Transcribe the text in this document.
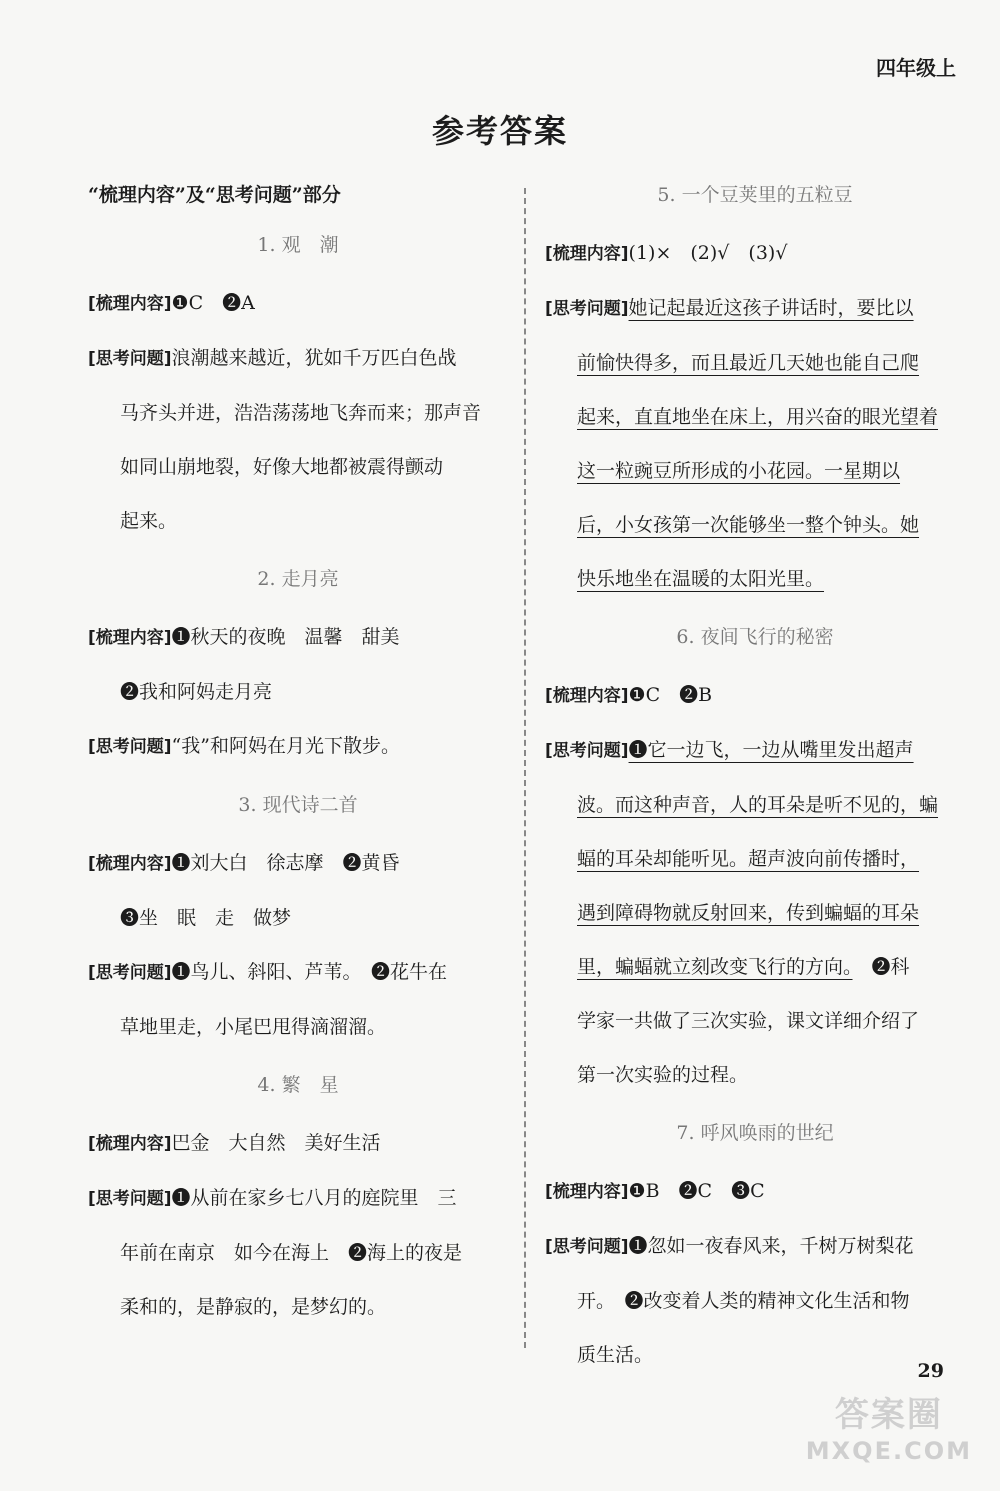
四年级上
参考答案
“梳理内容”及“思考问题”部分
1. 观　潮
[梳理内容]❶C　❷A
[思考问题]浪潮越来越近，犹如千万匹白色战
马齐头并进，浩浩荡荡地飞奔而来；那声音
如同山崩地裂，好像大地都被震得颤动
起来。
2. 走月亮
[梳理内容]❶秋天的夜晚　温馨　甜美
❷我和阿妈走月亮
[思考问题]“我”和阿妈在月光下散步。
3. 现代诗二首
[梳理内容]❶刘大白　徐志摩　❷黄昏
❸坐　眠　走　做梦
[思考问题]❶鸟儿、斜阳、芦苇。　❷花牛在
草地里走，小尾巴甩得滴溜溜。
4. 繁　星
[梳理内容]巴金　大自然　美好生活
[思考问题]❶从前在家乡七八月的庭院里　三
年前在南京　如今在海上　❷海上的夜是
柔和的，是静寂的，是梦幻的。
5. 一个豆荚里的五粒豆
[梳理内容](1)×　(2)√　(3)√
[思考问题]她记起最近这孩子讲话时，要比以
前愉快得多，而且最近几天她也能自己爬
起来，直直地坐在床上，用兴奋的眼光望着
这一粒豌豆所形成的小花园。一星期以
后，小女孩第一次能够坐一整个钟头。她
快乐地坐在温暖的太阳光里。
6. 夜间飞行的秘密
[梳理内容]❶C　❷B
[思考问题]❶它一边飞，一边从嘴里发出超声
波。而这种声音，人的耳朵是听不见的，蝙
蝠的耳朵却能听见。超声波向前传播时，
遇到障碍物就反射回来，传到蝙蝠的耳朵
里，蝙蝠就立刻改变飞行的方向。　❷科
学家一共做了三次实验，课文详细介绍了
第一次实验的过程。
7. 呼风唤雨的世纪
[梳理内容]❶B　❷C　❸C
[思考问题]❶忽如一夜春风来，千树万树梨花
开。　❷改变着人类的精神文化生活和物
质生活。
29
答案圈
MXQE.COM
